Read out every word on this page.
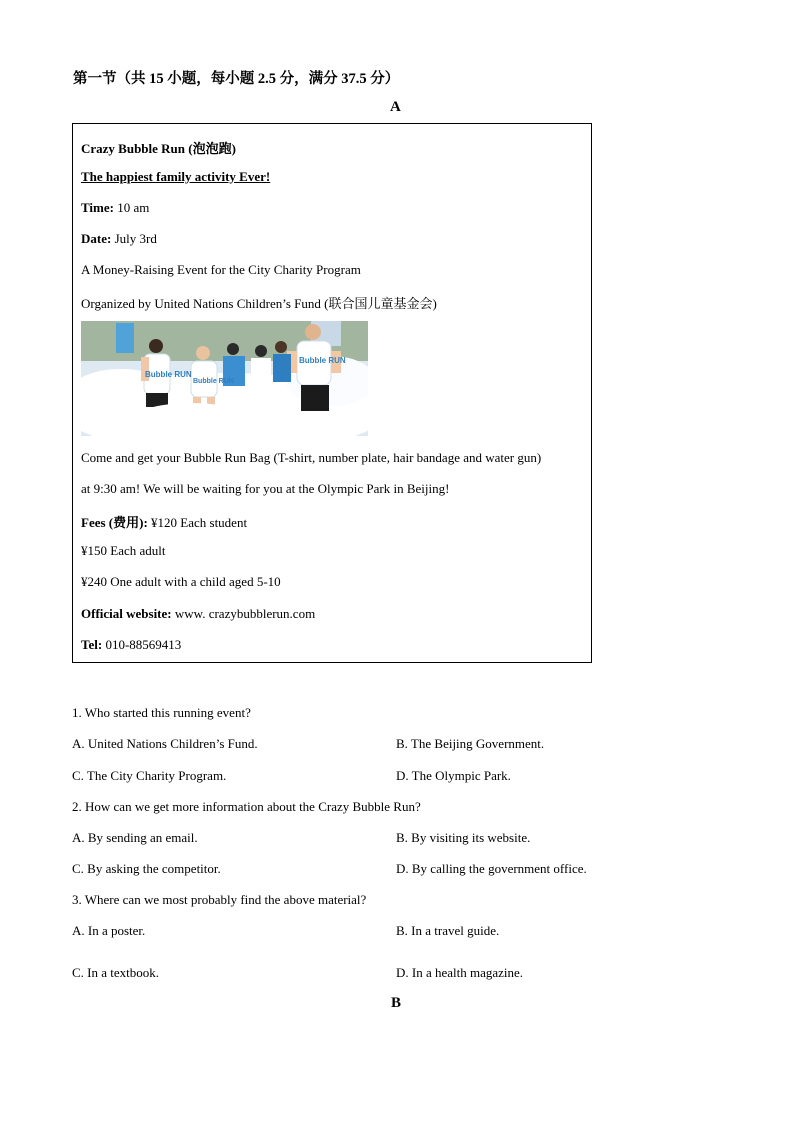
第一节（共 15 小题，每小题 2.5 分，满分 37.5 分）
A
Crazy Bubble Run (泡泡跑)
The happiest family activity Ever!
Time: 10 am
Date: July 3rd
A Money-Raising Event for the City Charity Program
Organized by United Nations Children’s Fund (联合国儿童基金会)
Bubble RUN
Bubble RUN
Bubble RUN
Come and get your Bubble Run Bag (T-shirt, number plate, hair bandage and water gun)
at 9:30 am! We will be waiting for you at the Olympic Park in Beijing!
Fees (费用): ¥120 Each student
¥150 Each adult
¥240 One adult with a child aged 5-10
Official website: www. crazybubblerun.com
Tel: 010-88569413
1. Who started this running event?
A. United Nations Children’s Fund.	B. The Beijing Government.
C. The City Charity Program.	D. The Olympic Park.
2. How can we get more information about the Crazy Bubble Run?
A. By sending an email.	B. By visiting its website.
C. By asking the competitor.	D. By calling the government office.
3. Where can we most probably find the above material?
A. In a poster.	B. In a travel guide.
C. In a textbook.	D. In a health magazine.
B
